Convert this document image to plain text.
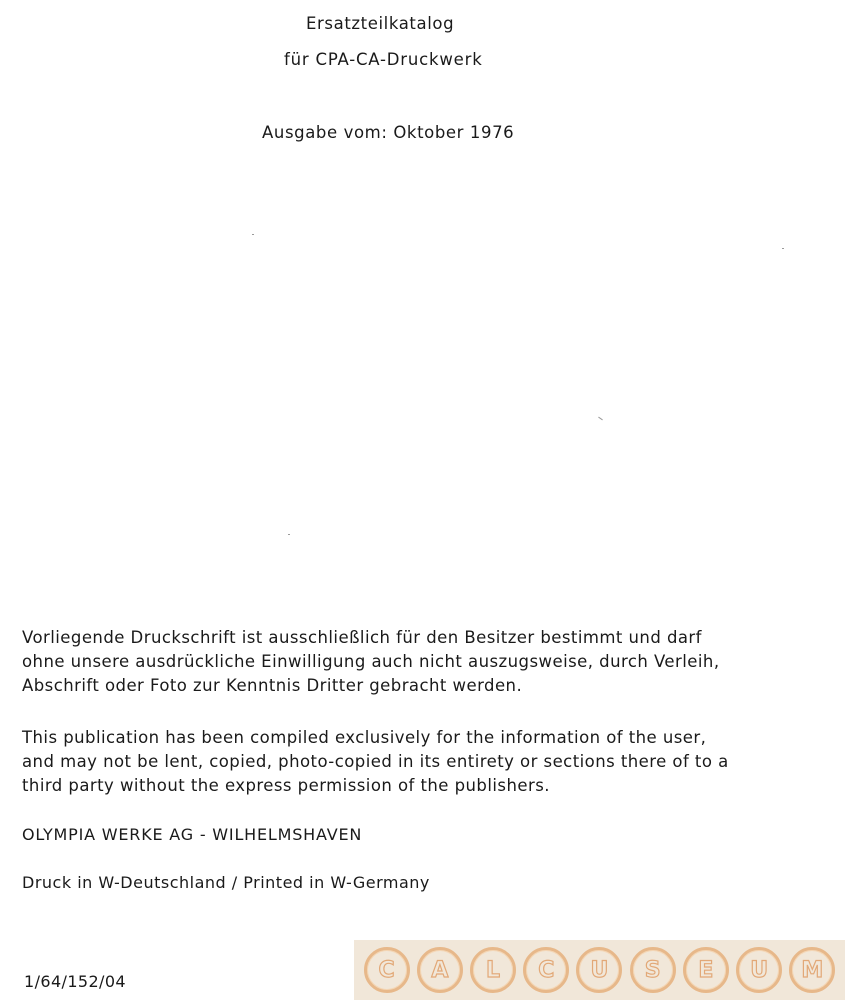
Ersatzteilkatalog

für CPA-CA-Druckwerk

Ausgabe vom: Oktober 1976

Vorliegende Druckschrift ist ausschließlich für den Besitzer bestimmt und darf
ohne unsere ausdrückliche Einwilligung auch nicht auszugsweise, durch Verleih,
Abschrift oder Foto zur Kenntnis Dritter gebracht werden.
This publication has been compiled exclusively for the information of the user,
and may not be lent, copied, photo-copied in its entirety or sections there of to a
third party without the express permission of the publishers.

OLYMPIA WERKE AG - WILHELMSHAVEN

Druck in W-Deutschland / Printed in W-Germany

1/64/152/04	C	A	L	C	U	S	E	U	M
